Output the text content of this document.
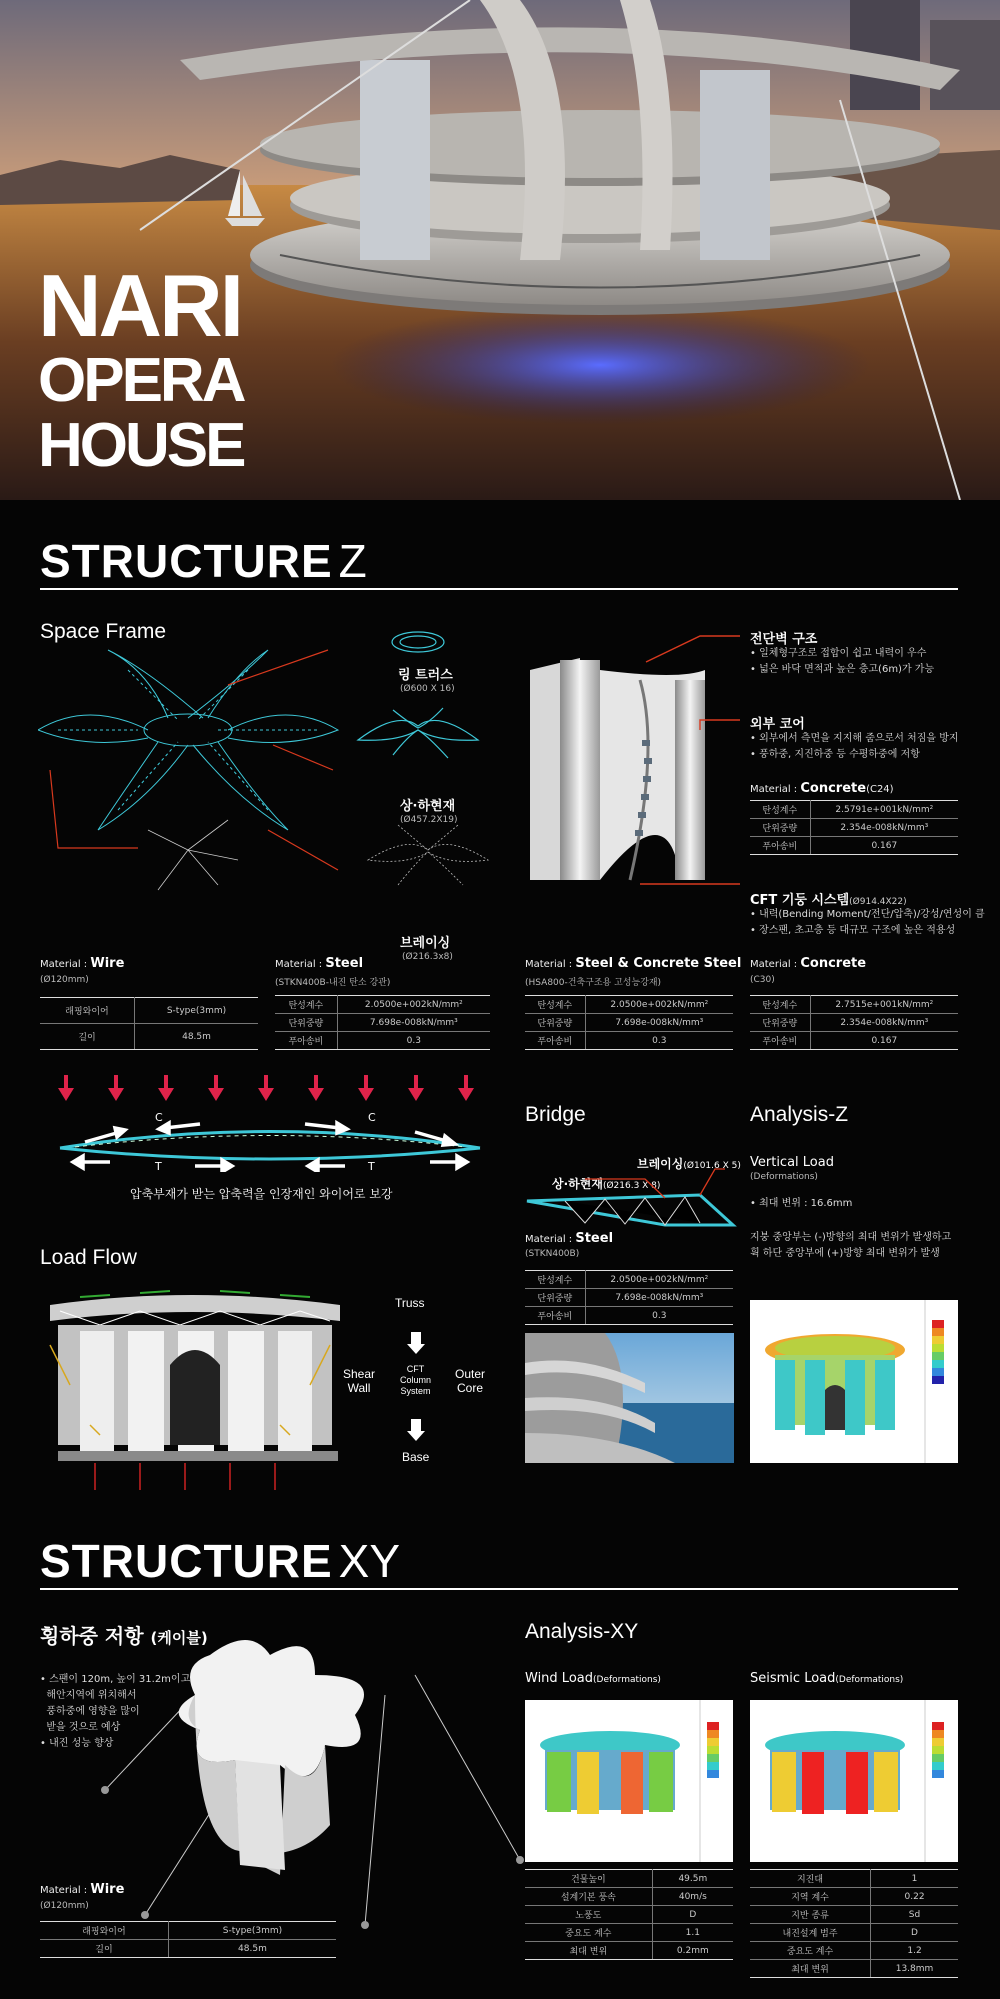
NARI
OPERA
HOUSE
STRUCTURE Z
Space Frame
링 트러스
(Ø600 X 16)
상·하현재
(Ø457.2X19)
브레이싱
(Ø216.3x8)
전단벽 구조
• 일체형구조로 접합이 쉽고 내력이 우수
• 넓은 바닥 면적과 높은 층고(6m)가 가능
외부 코어
• 외부에서 측면을 지지해 줌으로서 처짐을 방지
• 풍하중, 지진하중 등 수평하중에 저항
Material : Concrete(C24)
탄성계수	2.5791e+001kN/mm²
단위중량	2.354e-008kN/mm³
푸아송비	0.167
CFT 기둥 시스템(Ø914.4X22)
• 내력(Bending Moment/전단/압축)/강성/연성이 큼
• 장스팬, 초고층 등 대규모 구조에 높은 적용성
Material : Wire
(Ø120mm)
래핑와이어	S-type(3mm)
길이	48.5m
Material : Steel
(STKN400B-내진 탄소 강관)
탄성계수	2.0500e+002kN/mm²
단위중량	7.698e-008kN/mm³
푸아송비	0.3
Material : Steel & Concrete Steel
(HSA800-건축구조용 고성능강재)
탄성계수	2.0500e+002kN/mm²
단위중량	7.698e-008kN/mm³
푸아송비	0.3
Material : Concrete
(C30)
탄성계수	2.7515e+001kN/mm²
단위중량	2.354e-008kN/mm³
푸아송비	0.167
C	C
T	T
압축부재가 받는 압축력을 인장재인 와이어로 보강
Load Flow
Truss
Shear
Wall
CFT
Column
System
Outer
Core
Base
Bridge
브레이싱(Ø101.6 X 5)
상·하현재(Ø216.3 X 8)
Material : Steel
(STKN400B)
탄성계수	2.0500e+002kN/mm²
단위중량	7.698e-008kN/mm³
푸아송비	0.3
Analysis-Z
Vertical Load
(Deformations)
• 최대 변위 : 16.6mm
지붕 중앙부는 (-)방향의 최대 변위가 발생하고
휙 하단 중앙부에 (+)방향 최대 변위가 발생
STRUCTURE XY
횡하중 저항 (케이블)
• 스팬이 120m, 높이 31.2m이고
해안지역에 위치해서
풍하중에 영향을 많이
받을 것으로 예상
• 내진 성능 향상
Material : Wire
(Ø120mm)
래핑와이어	S-type(3mm)
길이	48.5m
Analysis-XY
Wind Load(Deformations)
건물높이	49.5m
설계기본 풍속	40m/s
노풍도	D
중요도 계수	1.1
최대 변위	0.2mm
Seismic Load(Deformations)
지진대	1
지역 계수	0.22
지반 종류	Sd
내진설계 범주	D
중요도 계수	1.2
최대 변위	13.8mm
